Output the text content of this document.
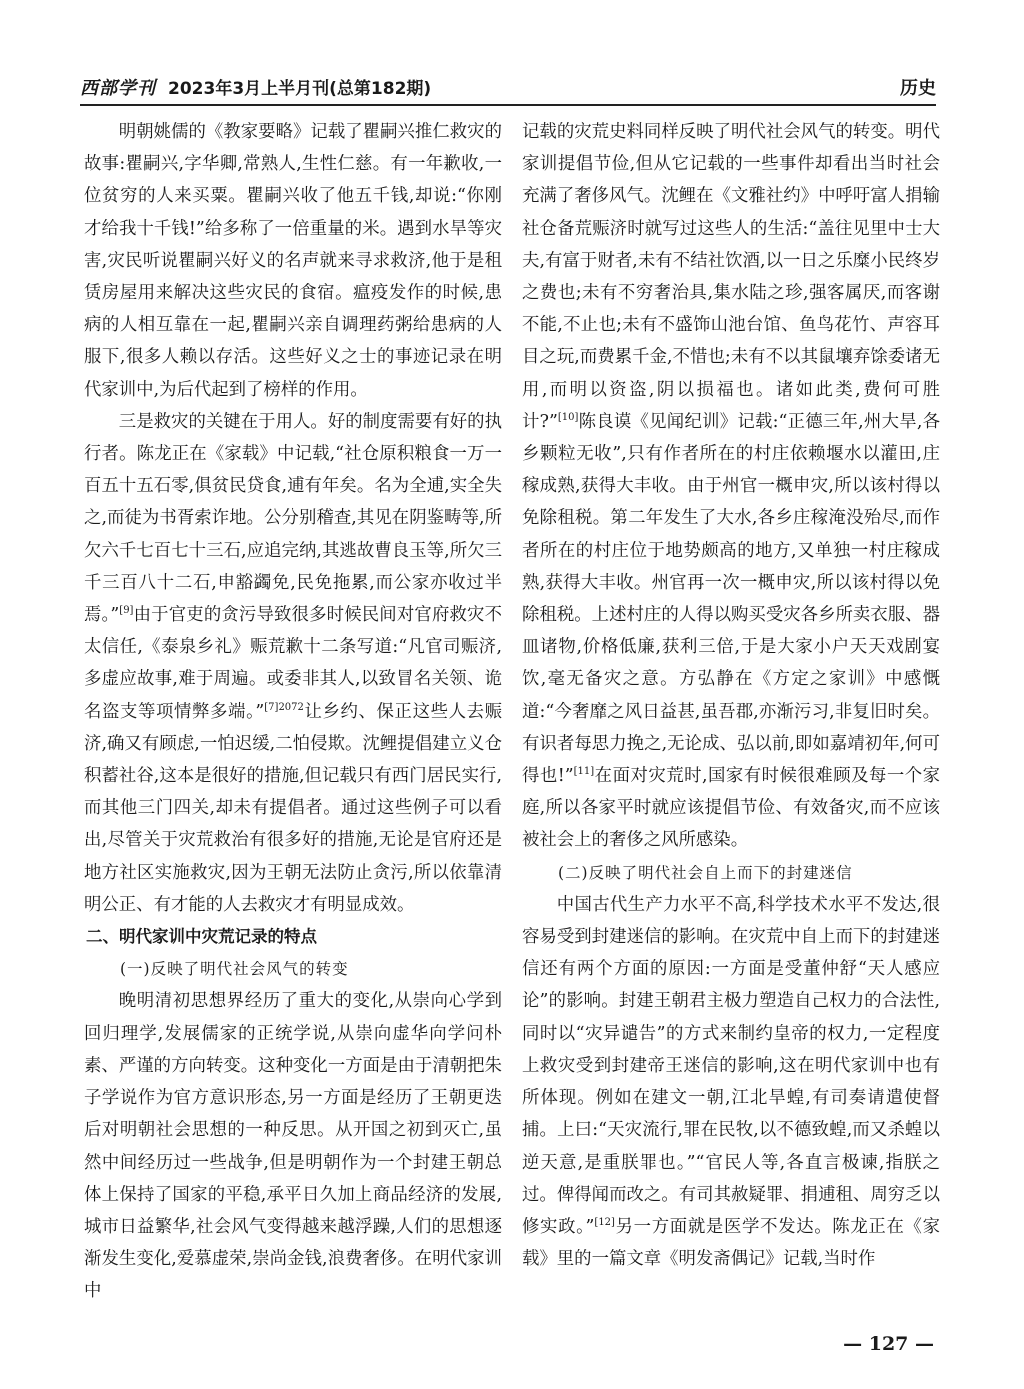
西部学刊 2023年3月上半月刊(总第182期)	历史

明朝姚儒的《教家要略》记载了瞿嗣兴推仁救灾的故事:瞿嗣兴,字华卿,常熟人,生性仁慈。有一年歉收,一位贫穷的人来买粟。瞿嗣兴收了他五千钱,却说:“你刚才给我十千钱!”给多称了一倍重量的米。遇到水旱等灾害,灾民听说瞿嗣兴好义的名声就来寻求救济,他于是租赁房屋用来解决这些灾民的食宿。瘟疫发作的时候,患病的人相互靠在一起,瞿嗣兴亲自调理药粥给患病的人服下,很多人赖以存活。这些好义之士的事迹记录在明代家训中,为后代起到了榜样的作用。

三是救灾的关键在于用人。好的制度需要有好的执行者。陈龙正在《家载》中记载,“社仓原积粮食一万一百五十五石零,俱贫民贷食,逋有年矣。名为全逋,实全失之,而徒为书胥索诈地。公分别稽查,其见在阴鉴畴等,所欠六千七百七十三石,应追完纳,其逃故曹良玉等,所欠三千三百八十二石,申豁蠲免,民免拖累,而公家亦收过半焉。”[9]由于官吏的贪污导致很多时候民间对官府救灾不太信任,《泰泉乡礼》赈荒歉十二条写道:“凡官司赈济,多虚应故事,难于周遍。或委非其人,以致冒名关领、诡名盗支等项情弊多端。”$^{[7]2072}$让乡约、保正这些人去赈济,确又有顾虑,一怕迟缓,二怕侵欺。沈鲤提倡建立义仓积蓄社谷,这本是很好的措施,但记载只有西门居民实行,而其他三门四关,却未有提倡者。通过这些例子可以看出,尽管关于灾荒救治有很多好的措施,无论是官府还是地方社区实施救灾,因为王朝无法防止贪污,所以依靠清明公正、有才能的人去救灾才有明显成效。

二、明代家训中灾荒记录的特点

(一)反映了明代社会风气的转变

晚明清初思想界经历了重大的变化,从崇向心学到回归理学,发展儒家的正统学说,从崇向虚华向学问朴素、严谨的方向转变。这种变化一方面是由于清朝把朱子学说作为官方意识形态,另一方面是经历了王朝更迭后对明朝社会思想的一种反思。从开国之初到灭亡,虽然中间经历过一些战争,但是明朝作为一个封建王朝总体上保持了国家的平稳,承平日久加上商品经济的发展,城市日益繁华,社会风气变得越来越浮躁,人们的思想逐渐发生变化,爱慕虚荣,崇尚金钱,浪费奢侈。在明代家训中

记载的灾荒史料同样反映了明代社会风气的转变。明代家训提倡节俭,但从它记载的一些事件却看出当时社会充满了奢侈风气。沈鲤在《文雅社约》中呼吁富人捐输社仓备荒赈济时就写过这些人的生活:“盖往见里中士大夫,有富于财者,未有不结社饮酒,以一日之乐糜小民终岁之费也;未有不穷奢治具,集水陆之珍,强客属厌,而客谢不能,不止也;未有不盛饰山池台馆、鱼鸟花竹、声容耳目之玩,而费累千金,不惜也;未有不以其鼠壤弃馀委诸无用,而明以资盗,阴以损福也。诸如此类,费何可胜计?”[10]陈良谟《见闻纪训》记载:“正德三年,州大旱,各乡颗粒无收”,只有作者所在的村庄依赖堰水以灌田,庄稼成熟,获得大丰收。由于州官一概申灾,所以该村得以免除租税。第二年发生了大水,各乡庄稼淹没殆尽,而作者所在的村庄位于地势颇高的地方,又单独一村庄稼成熟,获得大丰收。州官再一次一概申灾,所以该村得以免除租税。上述村庄的人得以购买受灾各乡所卖衣服、器皿诸物,价格低廉,获利三倍,于是大家小户天天戏剧宴饮,毫无备灾之意。方弘静在《方定之家训》中感慨道:“今奢靡之风日益甚,虽吾郡,亦渐污习,非复旧时矣。有识者每思力挽之,无论成、弘以前,即如嘉靖初年,何可得也!”[11]在面对灾荒时,国家有时候很难顾及每一个家庭,所以各家平时就应该提倡节俭、有效备灾,而不应该被社会上的奢侈之风所感染。

(二)反映了明代社会自上而下的封建迷信

中国古代生产力水平不高,科学技术水平不发达,很容易受到封建迷信的影响。在灾荒中自上而下的封建迷信还有两个方面的原因:一方面是受董仲舒“天人感应论”的影响。封建王朝君主极力塑造自己权力的合法性,同时以“灾异谴告”的方式来制约皇帝的权力,一定程度上救灾受到封建帝王迷信的影响,这在明代家训中也有所体现。例如在建文一朝,江北旱蝗,有司奏请遣使督捕。上曰:“天灾流行,罪在民牧,以不德致蝗,而又杀蝗以逆天意,是重朕罪也。”“官民人等,各直言极谏,指朕之过。俾得闻而改之。有司其赦疑罪、捐逋租、周穷乏以修实政。”[12]另一方面就是医学不发达。陈龙正在《家载》里的一篇文章《明发斋偶记》记载,当时作

— 127 —
